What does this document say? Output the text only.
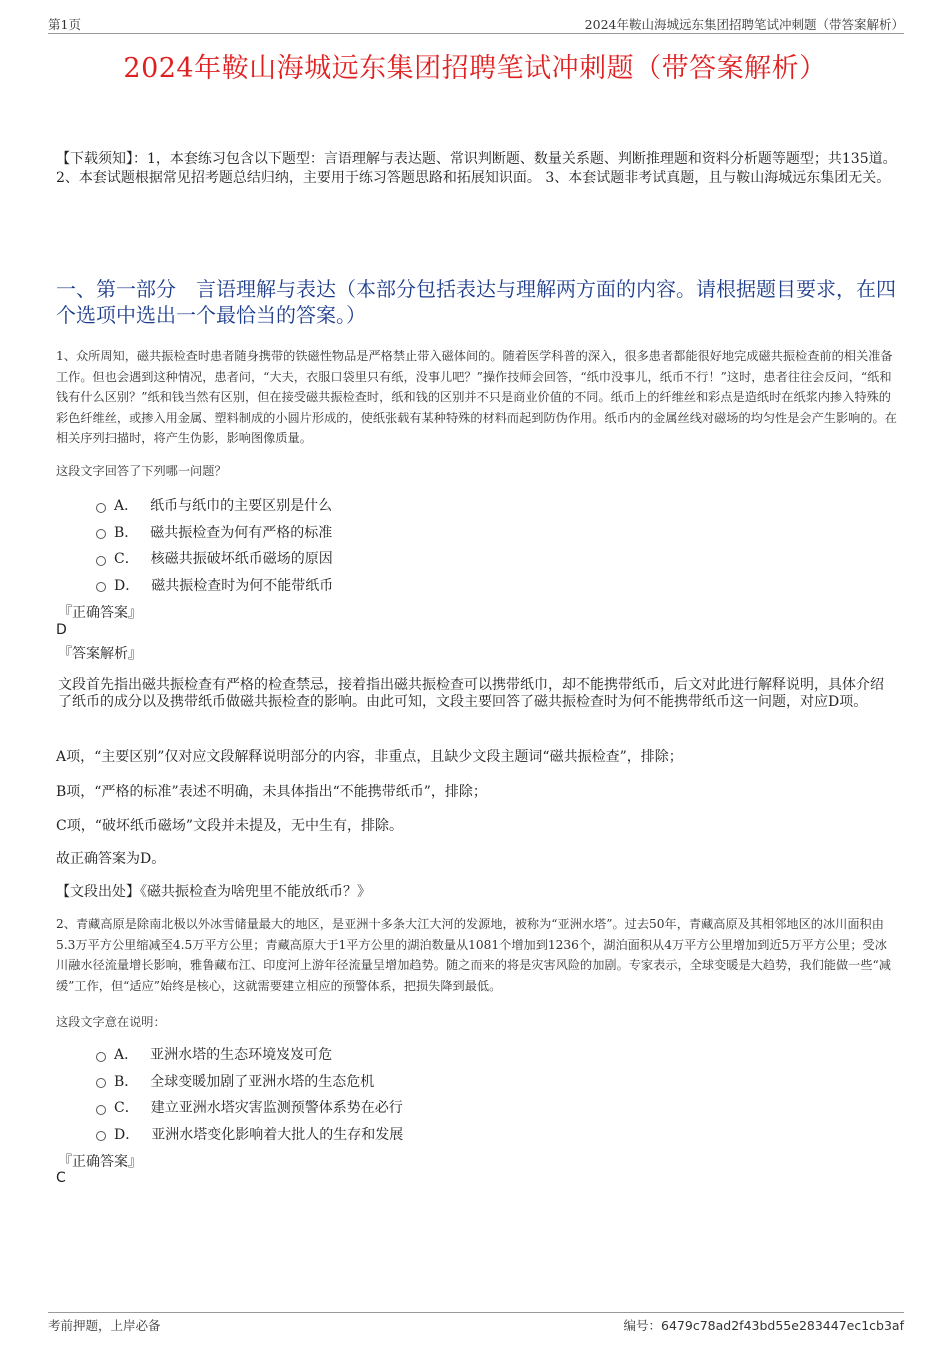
第1页	2024年鞍山海城远东集团招聘笔试冲刺题（带答案解析）
2024年鞍山海城远东集团招聘笔试冲刺题（带答案解析）
【下载须知】：1，本套练习包含以下题型：言语理解与表达题、常识判断题、数量关系题、判断推理题和资料分析题等题型；共135道。 2、本套试题根据常见招考题总结归纳，主要用于练习答题思路和拓展知识面。 3、本套试题非考试真题，且与鞍山海城远东集团无关。
一、第一部分　言语理解与表达（本部分包括表达与理解两方面的内容。请根据题目要求，在四个选项中选出一个最恰当的答案。）
1、众所周知，磁共振检查时患者随身携带的铁磁性物品是严格禁止带入磁体间的。随着医学科普的深入，很多患者都能很好地完成磁共振检查前的相关准备工作。但也会遇到这种情况，患者问，“大夫，衣服口袋里只有纸，没事儿吧？”操作技师会回答，“纸巾没事儿，纸币不行！”这时，患者往往会反问，“纸和钱有什么区别？”纸和钱当然有区别，但在接受磁共振检查时，纸和钱的区别并不只是商业价值的不同。纸币上的纤维丝和彩点是造纸时在纸浆内掺入特殊的彩色纤维丝，或掺入用金属、塑料制成的小圆片形成的，使纸张载有某种特殊的材料而起到防伪作用。纸币内的金属丝线对磁场的均匀性是会产生影响的。在相关序列扫描时，将产生伪影，影响图像质量。
这段文字回答了下列哪一问题？
A． 纸币与纸巾的主要区别是什么
B． 磁共振检查为何有严格的标准
C． 核磁共振破坏纸币磁场的原因
D． 磁共振检查时为何不能带纸币
『正确答案』
D
『答案解析』
文段首先指出磁共振检查有严格的检查禁忌，接着指出磁共振检查可以携带纸巾，却不能携带纸币，后文对此进行解释说明，具体介绍了纸币的成分以及携带纸币做磁共振检查的影响。由此可知，文段主要回答了磁共振检查时为何不能携带纸币这一问题，对应D项。
A项，“主要区别”仅对应文段解释说明部分的内容，非重点，且缺少文段主题词“磁共振检查”，排除；
B项，“严格的标准”表述不明确，未具体指出“不能携带纸币”，排除；
C项，“破坏纸币磁场”文段并未提及，无中生有，排除。
故正确答案为D。
【文段出处】《磁共振检查为啥兜里不能放纸币？》
2、青藏高原是除南北极以外冰雪储量最大的地区，是亚洲十多条大江大河的发源地，被称为“亚洲水塔”。过去50年，青藏高原及其相邻地区的冰川面积由5.3万平方公里缩减至4.5万平方公里；青藏高原大于1平方公里的湖泊数量从1081个增加到1236个，湖泊面积从4万平方公里增加到近5万平方公里；受冰川融水径流量增长影响，雅鲁藏布江、印度河上游年径流量呈增加趋势。随之而来的将是灾害风险的加剧。专家表示，全球变暖是大趋势，我们能做一些“减缓”工作，但“适应”始终是核心，这就需要建立相应的预警体系，把损失降到最低。
这段文字意在说明：
A． 亚洲水塔的生态环境岌岌可危
B． 全球变暖加剧了亚洲水塔的生态危机
C． 建立亚洲水塔灾害监测预警体系势在必行
D． 亚洲水塔变化影响着大批人的生存和发展
『正确答案』
C
考前押题，上岸必备	编号：6479c78ad2f43bd55e283447ec1cb3af
